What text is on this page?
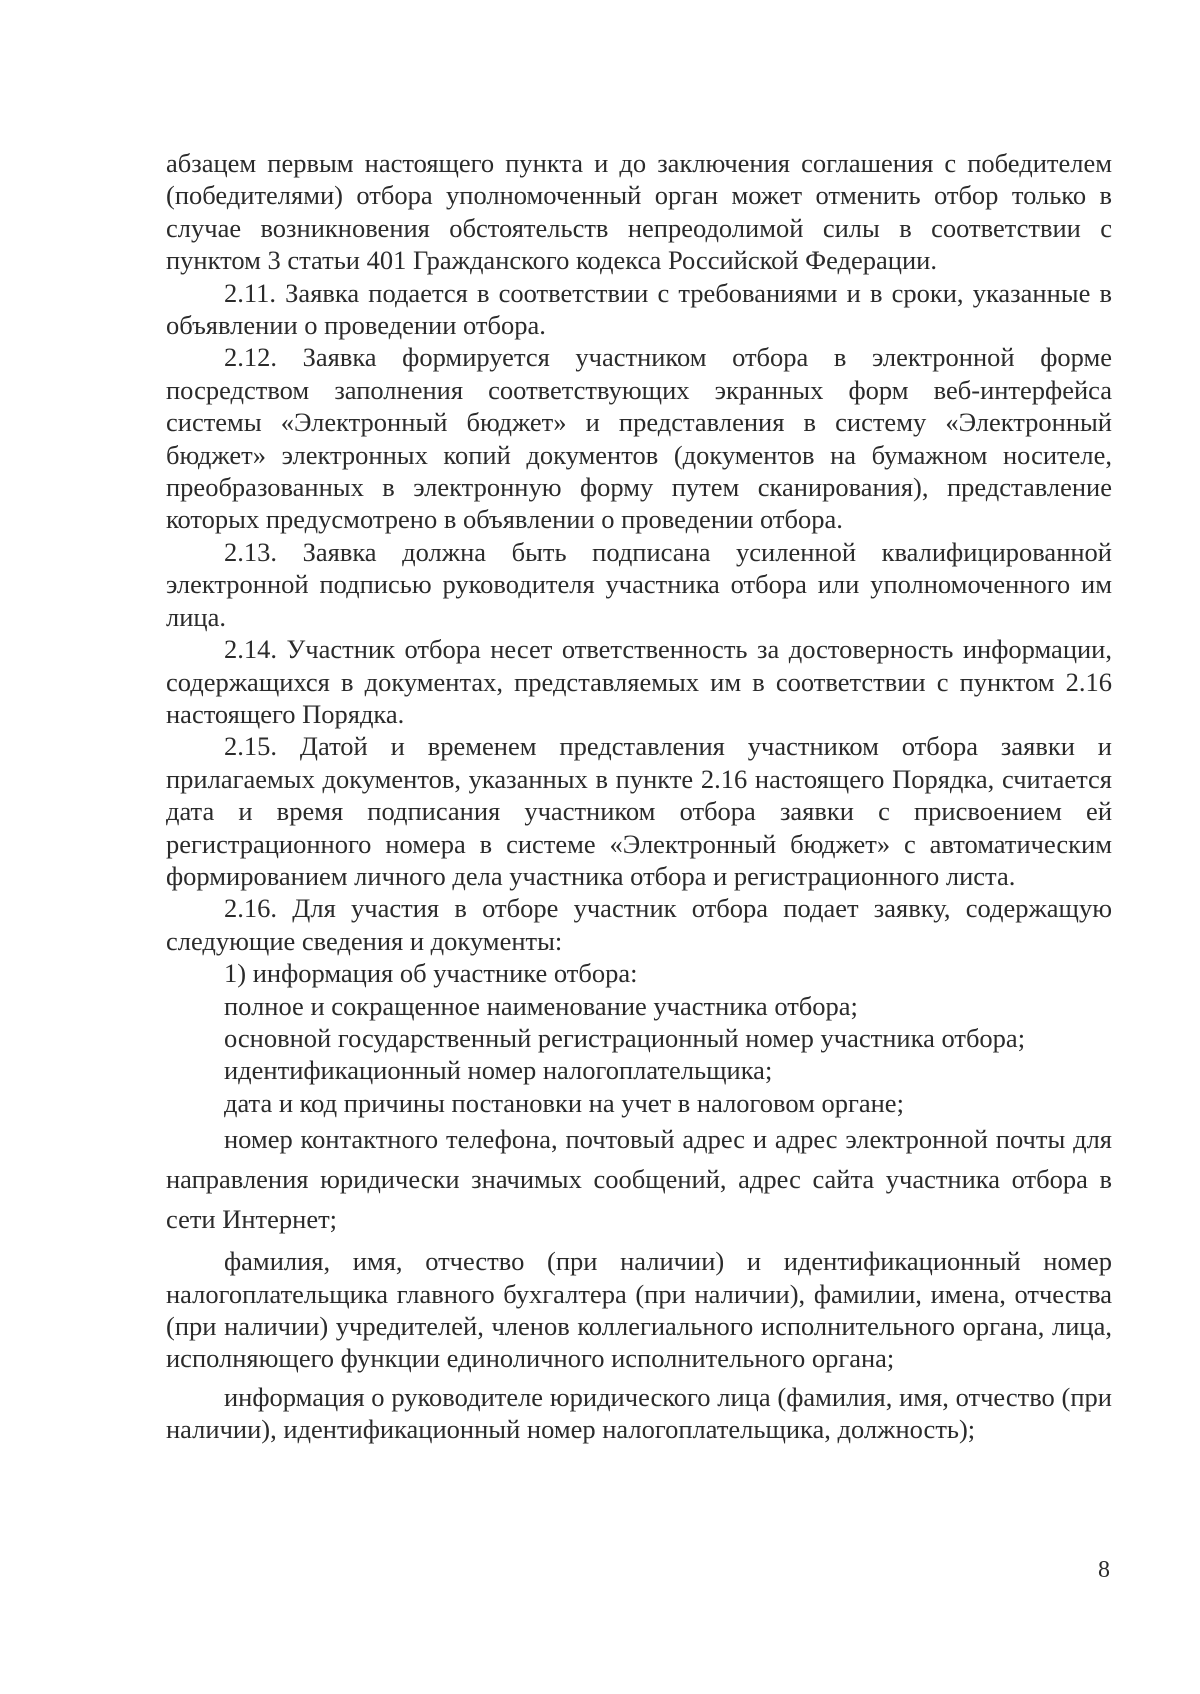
абзацем первым настоящего пункта и до заключения соглашения с победителем (победителями) отбора уполномоченный орган может отменить отбор только в случае возникновения обстоятельств непреодолимой силы в соответствии с пунктом 3 статьи 401 Гражданского кодекса Российской Федерации.

2.11. Заявка подается в соответствии с требованиями и в сроки, указанные в объявлении о проведении отбора.

2.12. Заявка формируется участником отбора в электронной форме посредством заполнения соответствующих экранных форм веб-интерфейса системы «Электронный бюджет» и представления в систему «Электронный бюджет» электронных копий документов (документов на бумажном носителе, преобразованных в электронную форму путем сканирования), представление которых предусмотрено в объявлении о проведении отбора.

2.13. Заявка должна быть подписана усиленной квалифицированной электронной подписью руководителя участника отбора или уполномоченного им лица.

2.14. Участник отбора несет ответственность за достоверность информации, содержащихся в документах, представляемых им в соответствии с пунктом 2.16 настоящего Порядка.

2.15. Датой и временем представления участником отбора заявки и прилагаемых документов, указанных в пункте 2.16 настоящего Порядка, считается дата и время подписания участником отбора заявки с присвоением ей регистрационного номера в системе «Электронный бюджет» с автоматическим формированием личного дела участника отбора и регистрационного листа.

2.16. Для участия в отборе участник отбора подает заявку, содержащую следующие сведения и документы:

1) информация об участнике отбора:

полное и сокращенное наименование участника отбора;

основной государственный регистрационный номер участника отбора;

идентификационный номер налогоплательщика;

дата и код причины постановки на учет в налоговом органе;

номер контактного телефона, почтовый адрес и адрес электронной почты для направления юридически значимых сообщений, адрес сайта участника отбора в сети Интернет;

фамилия, имя, отчество (при наличии) и идентификационный номер налогоплательщика главного бухгалтера (при наличии), фамилии, имена, отчества (при наличии) учредителей, членов коллегиального исполнительного органа, лица, исполняющего функции единоличного исполнительного органа;

информация о руководителе юридического лица (фамилия, имя, отчество (при наличии), идентификационный номер налогоплательщика, должность);

8
